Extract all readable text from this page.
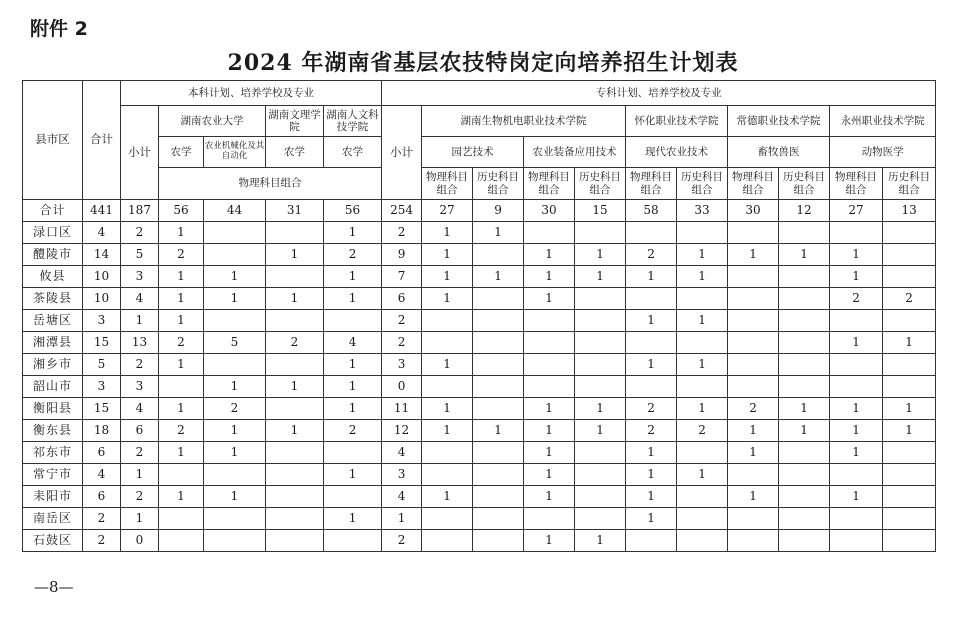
附件 2
2024 年湖南省基层农技特岗定向培养招生计划表
县市区	合计	本科计划、培养学校及专业					专科计划、培养学校及专业										
		小计	湖南农业大学		湖南文理学院	湖南人文科技学院	小计	湖南生物机电职业技术学院				怀化职业技术学院		常德职业技术学院		永州职业技术学院	
			农学	农业机械化及其自动化	农学	农学		园艺技术		农业装备应用技术		现代农业技术		畜牧兽医		动物医学	
			物理科目组合					物理科目组合	历史科目组合	物理科目组合	历史科目组合	物理科目组合	历史科目组合	物理科目组合	历史科目组合	物理科目组合	历史科目组合
合计	441	187	56	44	31	56	254	27	9	30	15	58	33	30	12	27	13
渌口区	4	2	1			1	2	1	1								
醴陵市	14	5	2		1	2	9	1		1	1	2	1	1	1	1	
攸县	10	3	1	1		1	7	1	1	1	1	1	1			1	
茶陵县	10	4	1	1	1	1	6	1		1						2	2
岳塘区	3	1	1				2					1	1				
湘潭县	15	13	2	5	2	4	2									1	1
湘乡市	5	2	1			1	3	1				1	1				
韶山市	3	3		1	1	1	0										
衡阳县	15	4	1	2		1	11	1		1	1	2	1	2	1	1	1
衡东县	18	6	2	1	1	2	12	1	1	1	1	2	2	1	1	1	1
祁东市	6	2	1	1			4			1		1		1		1	
常宁市	4	1				1	3			1		1	1				
耒阳市	6	2	1	1			4	1		1		1		1		1	
南岳区	2	1				1	1					1					
石鼓区	2	0					2			1	1						
—8—
